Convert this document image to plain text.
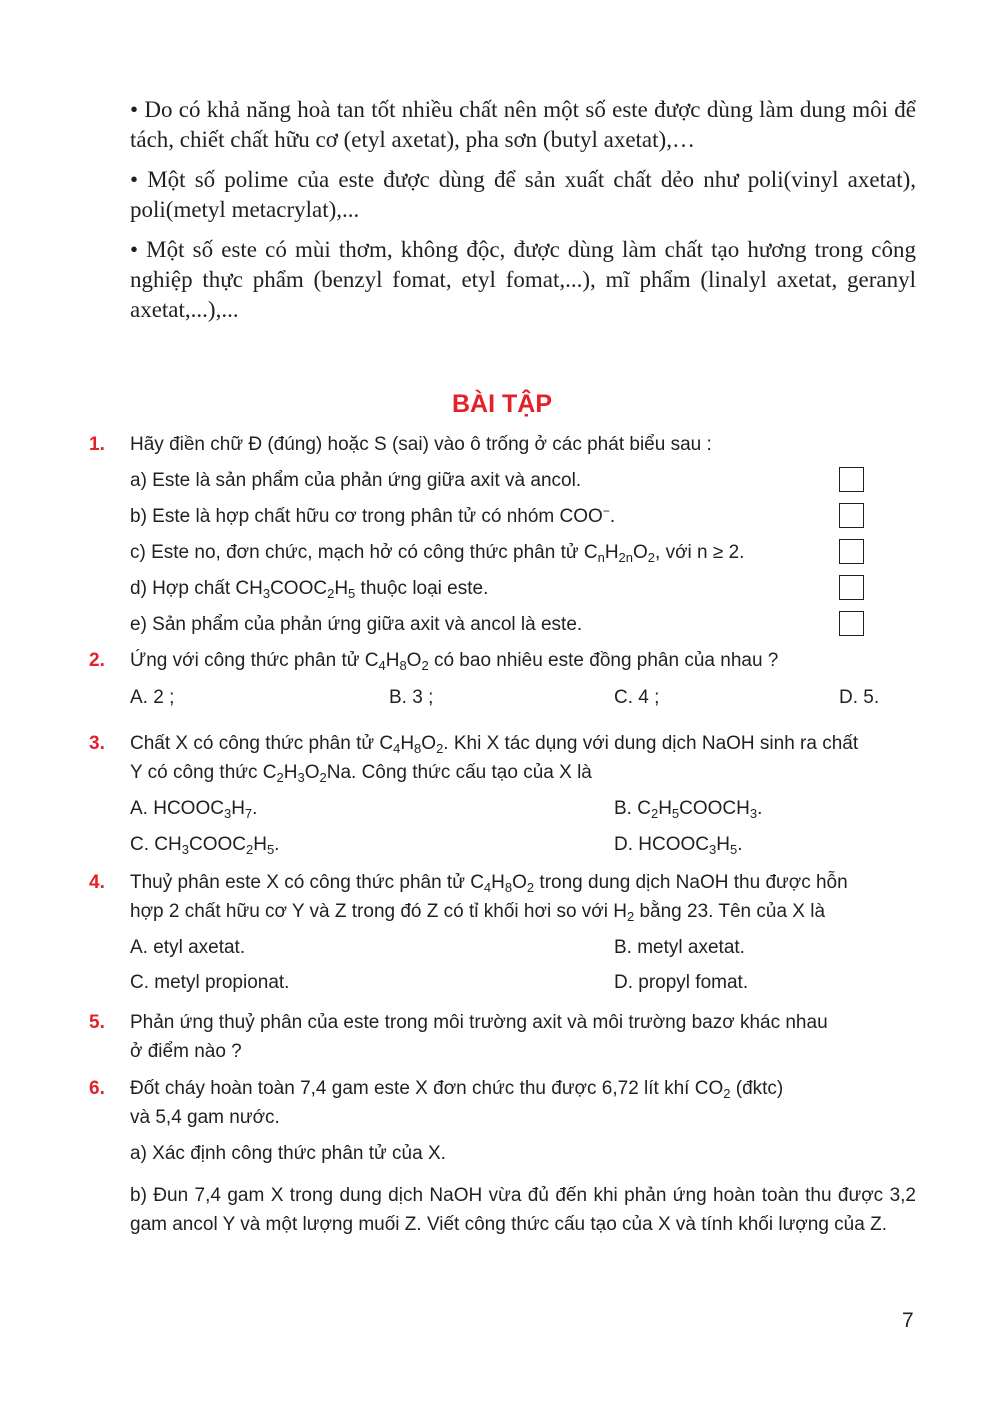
• Do có khả năng hoà tan tốt nhiều chất nên một số este được dùng làm dung môi để tách, chiết chất hữu cơ (etyl axetat), pha sơn (butyl axetat),…
• Một số polime của este được dùng để sản xuất chất dẻo như poli(vinyl axetat), poli(metyl metacrylat),...
• Một số este có mùi thơm, không độc, được dùng làm chất tạo hương trong công nghiệp thực phẩm (benzyl fomat, etyl fomat,...), mĩ phẩm (linalyl axetat, geranyl axetat,...),...
BÀI TẬP
1. Hãy điền chữ Đ (đúng) hoặc S (sai) vào ô trống ở các phát biểu sau :
a) Este là sản phẩm của phản ứng giữa axit và ancol.
b) Este là hợp chất hữu cơ trong phân tử có nhóm COO−.
c) Este no, đơn chức, mạch hở có công thức phân tử $C_nH_{2n}O_2$, với n ≥ 2.
d) Hợp chất $CH_3COOC_2H_5$ thuộc loại este.
e) Sản phẩm của phản ứng giữa axit và ancol là este.
2. Ứng với công thức phân tử $C_4H_8O_2$ có bao nhiêu este đồng phân của nhau ?
A. 2 ;	B. 3 ;	C. 4 ;	D. 5.
3. Chất X có công thức phân tử $C_4H_8O_2$. Khi X tác dụng với dung dịch NaOH sinh ra chất
Y có công thức $C_2H_3O_2Na$. Công thức cấu tạo của X là
A. $HCOOC_3H_7$.	B. $C_2H_5COOCH_3$.
C. $CH_3COOC_2H_5$.	D. $HCOOC_3H_5$.
4. Thuỷ phân este X có công thức phân tử $C_4H_8O_2$ trong dung dịch NaOH thu được hỗn
hợp 2 chất hữu cơ Y và Z trong đó Z có tỉ khối hơi so với $H_2$ bằng 23. Tên của X là
A. etyl axetat.	B. metyl axetat.
C. metyl propionat.	D. propyl fomat.
5. Phản ứng thuỷ phân của este trong môi trường axit và môi trường bazơ khác nhau
ở điểm nào ?
6. Đốt cháy hoàn toàn 7,4 gam este X đơn chức thu được 6,72 lít khí $CO_2$ (đktc)
và 5,4 gam nước.
a) Xác định công thức phân tử của X.
b) Đun 7,4 gam X trong dung dịch NaOH vừa đủ đến khi phản ứng hoàn toàn thu được 3,2 gam ancol Y và một lượng muối Z. Viết công thức cấu tạo của X và tính khối lượng của Z.
7
